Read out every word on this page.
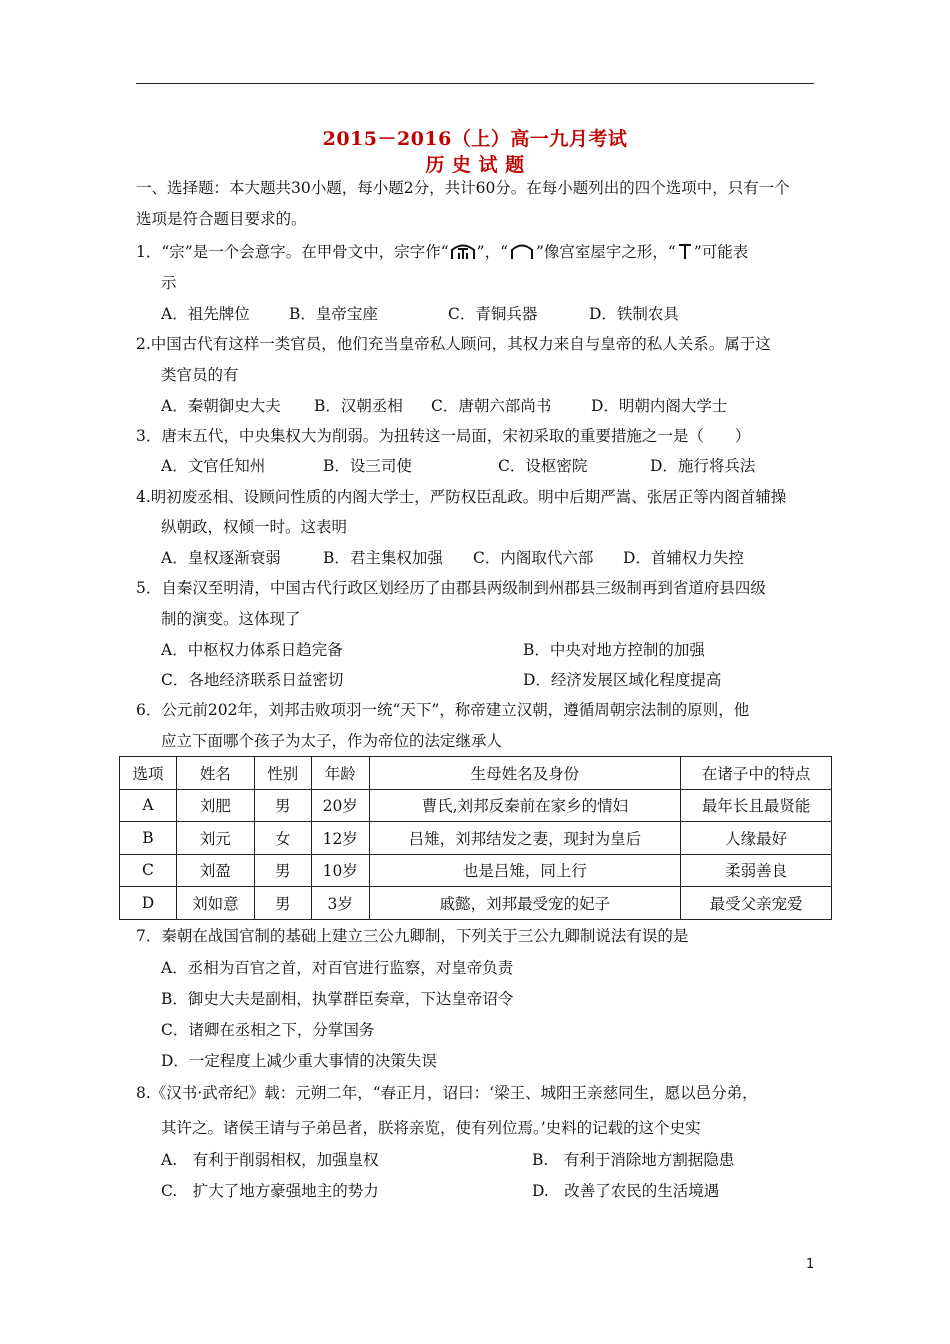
2015－2016（上）高一九月考试
历 史 试 题
一、选择题：本大题共30小题，每小题2分，共计60分。在每小题列出的四个选项中，只有一个
选项是符合题目要求的。
1．“宗”是一个会意字。在甲骨文中，宗字作“ ”，“ ”像宫室屋宇之形，“ ”可能表
示
A．祖先牌位	B．皇帝宝座	C．青铜兵器	D．铁制农具
2.中国古代有这样一类官员，他们充当皇帝私人顾问，其权力来自与皇帝的私人关系。属于这
类官员的有
A．秦朝御史大夫 B．汉朝丞相 C．唐朝六部尚书	D．明朝内阁大学士
3．唐末五代，中央集权大为削弱。为扭转这一局面，宋初采取的重要措施之一是（　　）
A．文官任知州	B．设三司使	C．设枢密院	D．施行将兵法
4.明初废丞相、设顾问性质的内阁大学士，严防权臣乱政。明中后期严嵩、张居正等内阁首辅操
纵朝政，权倾一时。这表明
A．皇权逐渐衰弱	B．君主集权加强 C．内阁取代六部 D．首辅权力失控
5．自秦汉至明清，中国古代行政区划经历了由郡县两级制到州郡县三级制再到省道府县四级
制的演变。这体现了
A．中枢权力体系日趋完备	B．中央对地方控制的加强
C．各地经济联系日益密切	D．经济发展区域化程度提高
6．公元前202年，刘邦击败项羽一统“天下”，称帝建立汉朝，遵循周朝宗法制的原则，他
应立下面哪个孩子为太子，作为帝位的法定继承人
选项	姓名	性别	年龄	生母姓名及身份	在诸子中的特点
A	刘肥	男	20岁	曹氏,刘邦反秦前在家乡的情妇	最年长且最贤能
B	刘元	女	12岁	吕雉，刘邦结发之妻，现封为皇后	人缘最好
C	刘盈	男	10岁	也是吕雉，同上行	柔弱善良
D	刘如意	男	3岁	戚懿，刘邦最受宠的妃子	最受父亲宠爱
7．秦朝在战国官制的基础上建立三公九卿制，下列关于三公九卿制说法有误的是
A．丞相为百官之首，对百官进行监察，对皇帝负责
B．御史大夫是副相，执掌群臣奏章，下达皇帝诏令
C．诸卿在丞相之下，分掌国务
D．一定程度上减少重大事情的决策失误
8.《汉书·武帝纪》载：元朔二年，“春正月，诏曰：‘梁王、城阳王亲慈同生，愿以邑分弟，
其许之。诸侯王请与子弟邑者，朕将亲览，使有列位焉。’史料的记载的这个史实
A.　有利于削弱相权，加强皇权	B.　有利于消除地方割据隐患
C.　扩大了地方豪强地主的势力	D.　改善了农民的生活境遇
1
